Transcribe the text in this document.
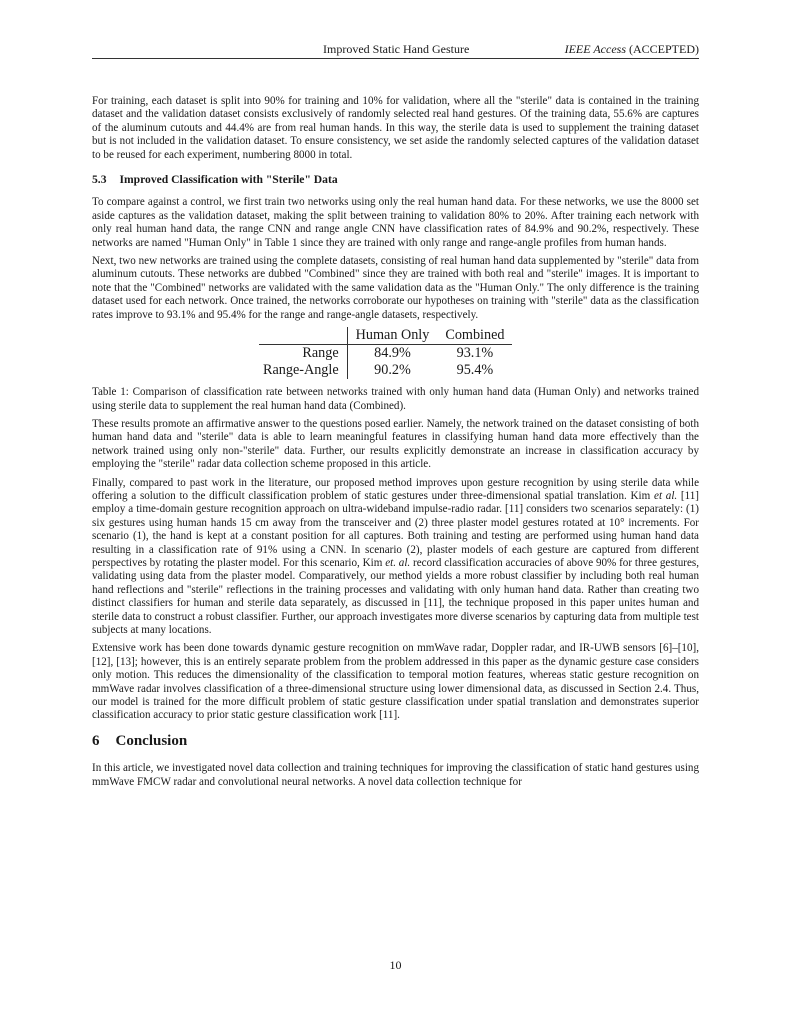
Improved Static Hand Gesture	IEEE Access (ACCEPTED)

For training, each dataset is split into 90% for training and 10% for validation, where all the "sterile" data is contained in the training dataset and the validation dataset consists exclusively of randomly selected real hand gestures. Of the training data, 55.6% are captures of the aluminum cutouts and 44.4% are from real human hands. In this way, the sterile data is used to supplement the training dataset but is not included in the validation dataset. To ensure consistency, we set aside the randomly selected captures of the validation dataset to be reused for each experiment, numbering 8000 in total.

5.3 Improved Classification with "Sterile" Data

To compare against a control, we first train two networks using only the real human hand data. For these networks, we use the 8000 set aside captures as the validation dataset, making the split between training to validation 80% to 20%. After training each network with only real human hand data, the range CNN and range angle CNN have classification rates of 84.9% and 90.2%, respectively. These networks are named "Human Only" in Table 1 since they are trained with only range and range-angle profiles from human hands.

Next, two new networks are trained using the complete datasets, consisting of real human hand data supplemented by "sterile" data from aluminum cutouts. These networks are dubbed "Combined" since they are trained with both real and "sterile" images. It is important to note that the "Combined" networks are validated with the same validation data as the "Human Only." The only difference is the training dataset used for each network. Once trained, the networks corroborate our hypotheses on training with "sterile" data as the classification rates improve to 93.1% and 95.4% for the range and range-angle datasets, respectively.

	Human Only	Combined
Range	84.9%	93.1%
Range-Angle	90.2%	95.4%

Table 1: Comparison of classification rate between networks trained with only human hand data (Human Only) and networks trained using sterile data to supplement the real human hand data (Combined).

These results promote an affirmative answer to the questions posed earlier. Namely, the network trained on the dataset consisting of both human hand data and "sterile" data is able to learn meaningful features in classifying human hand data more effectively than the network trained using only non-"sterile" data. Further, our results explicitly demonstrate an increase in classification accuracy by employing the "sterile" radar data collection scheme proposed in this article.

Finally, compared to past work in the literature, our proposed method improves upon gesture recognition by using sterile data while offering a solution to the difficult classification problem of static gestures under three-dimensional spatial translation. Kim et al. [11] employ a time-domain gesture recognition approach on ultra-wideband impulse-radio radar. [11] considers two scenarios separately: (1) six gestures using human hands 15 cm away from the transceiver and (2) three plaster model gestures rotated at 10° increments. For scenario (1), the hand is kept at a constant position for all captures. Both training and testing are performed using human hand data resulting in a classification rate of 91% using a CNN. In scenario (2), plaster models of each gesture are captured from different perspectives by rotating the plaster model. For this scenario, Kim et. al. record classification accuracies of above 90% for three gestures, validating using data from the plaster model. Comparatively, our method yields a more robust classifier by including both real human hand reflections and "sterile" reflections in the training processes and validating with only human hand data. Rather than creating two distinct classifiers for human and sterile data separately, as discussed in [11], the technique proposed in this paper unites human and sterile data to construct a robust classifier. Further, our approach investigates more diverse scenarios by capturing data from multiple test subjects at many locations.

Extensive work has been done towards dynamic gesture recognition on mmWave radar, Doppler radar, and IR-UWB sensors [6]–[10], [12], [13]; however, this is an entirely separate problem from the problem addressed in this paper as the dynamic gesture case considers only motion. This reduces the dimensionality of the classification to temporal motion features, whereas static gesture recognition on mmWave radar involves classification of a three-dimensional structure using lower dimensional data, as discussed in Section 2.4. Thus, our model is trained for the more difficult problem of static gesture classification under spatial translation and demonstrates superior classification accuracy to prior static gesture classification work [11].

6 Conclusion

In this article, we investigated novel data collection and training techniques for improving the classification of static hand gestures using mmWave FMCW radar and convolutional neural networks. A novel data collection technique for

10
